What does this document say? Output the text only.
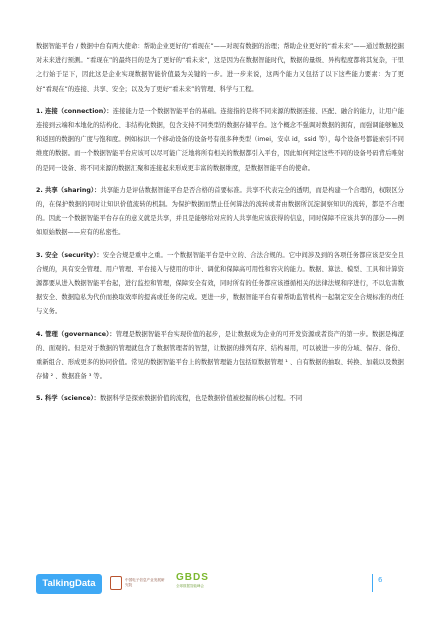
数据智能平台 / 数据中台有两大使命：帮助企业更好的“看现在”——对现有数据的治理；帮助企业更好的“看未来”——通过数据挖掘对未来进行预测。“看现在”的最终目的是为了更好的“看未来”，这是因为在数据智能时代，数据的量级、异构程度都将其复杂，干里之行始于足下，因此这是企业实现数据智能价值最为关键的一步。进一步来说，这两个能力又包括了以下这些能力要素：为了更好“看现在”的连接、共享、安全；以及为了更好“看未来”的管理、科学与工程。

1. 连接（connection）：连接能力是一个数据智能平台的基础。连接指的是将不同来源的数据连接、匹配、融合的能力，让用户能连接到云端和本地化的结构化、非结构化数据，包含支持不同类型的数据存储平台。这个概念不强调对数据的拥有，而强调能够触及和返回的数据的广度与饱和度。例如标识一个移动设备的设备号有很多种类型（imei，安卓 id，ssid 等），每个设备号都能索引不同维度的数据。而一个数据智能平台应该可以尽可能广泛地将所有相关的数据都引入平台，因此如何判定这些不同的设备号码背后唯射的是同一设备、将不同来源的数据汇聚和连接起来形成更丰富的数据维度，是数据智能平台的使命。

2. 共享（sharing）：共享能力是评估数据智能平台是否合格的首要标准。共享不代表完全的透明，而是构建一个合理的，权限区分的，在保护数据的同时让知识价值流转的机制。为保护数据而禁止任何算法的流转或者由数据所沉淀洞察知识的流转，都是不合理的。因此一个数据智能平台存在的意义就是共享，并且是能够给对应的人共享他应该获得的信息，同时保障不应该共享的部分——例如原始数据——应有的私密性。

3. 安全（security）：安全合规是重中之重。一个数据智能平台是中立的、合法合规的。它中间涉及到的各项任务都应该是安全且合规的，具有安全管理、用户管理、平台接入与使用的审计、调优和保障高可用性和容灾的能力。数据、算法、模型、工具和计算资源都要从进入数据智能平台起，进行监控和管理，保障安全有效，同时所有的任务都应该遵循相关的法律法规和序进行，不以危害数据安全、数据隐私为代价而换取效率的提高或任务的完成。更进一步，数据智能平台有着帮助监管机构一起制定安全合规标准的责任与义务。

4. 管理（governance）：管理是数据智能平台实现价值的起步，是让数据成为企业的可开发资源或者资产的第一步。数据是梅涩的、面观的。但是对于数据的管理就包含了数据管理者的智慧，让数据的排列有序、结构易用，可以被进一步的分域、保存、备份、重新组合、形成更多的协同价值。常见的数据智能平台上的数据管理能力包括原数据管理 ¹ 、自有数据的抽取、转换、加载以及数据存储 ² 、数据准备 ³ 等。

5. 科学（science）：数据科学是探索数据价值的流程，也是数据价值被挖掘的核心过程。不同

TalkingData	中国电子信息产业发展研究院
GBDS
全球数据智能峰会
6
